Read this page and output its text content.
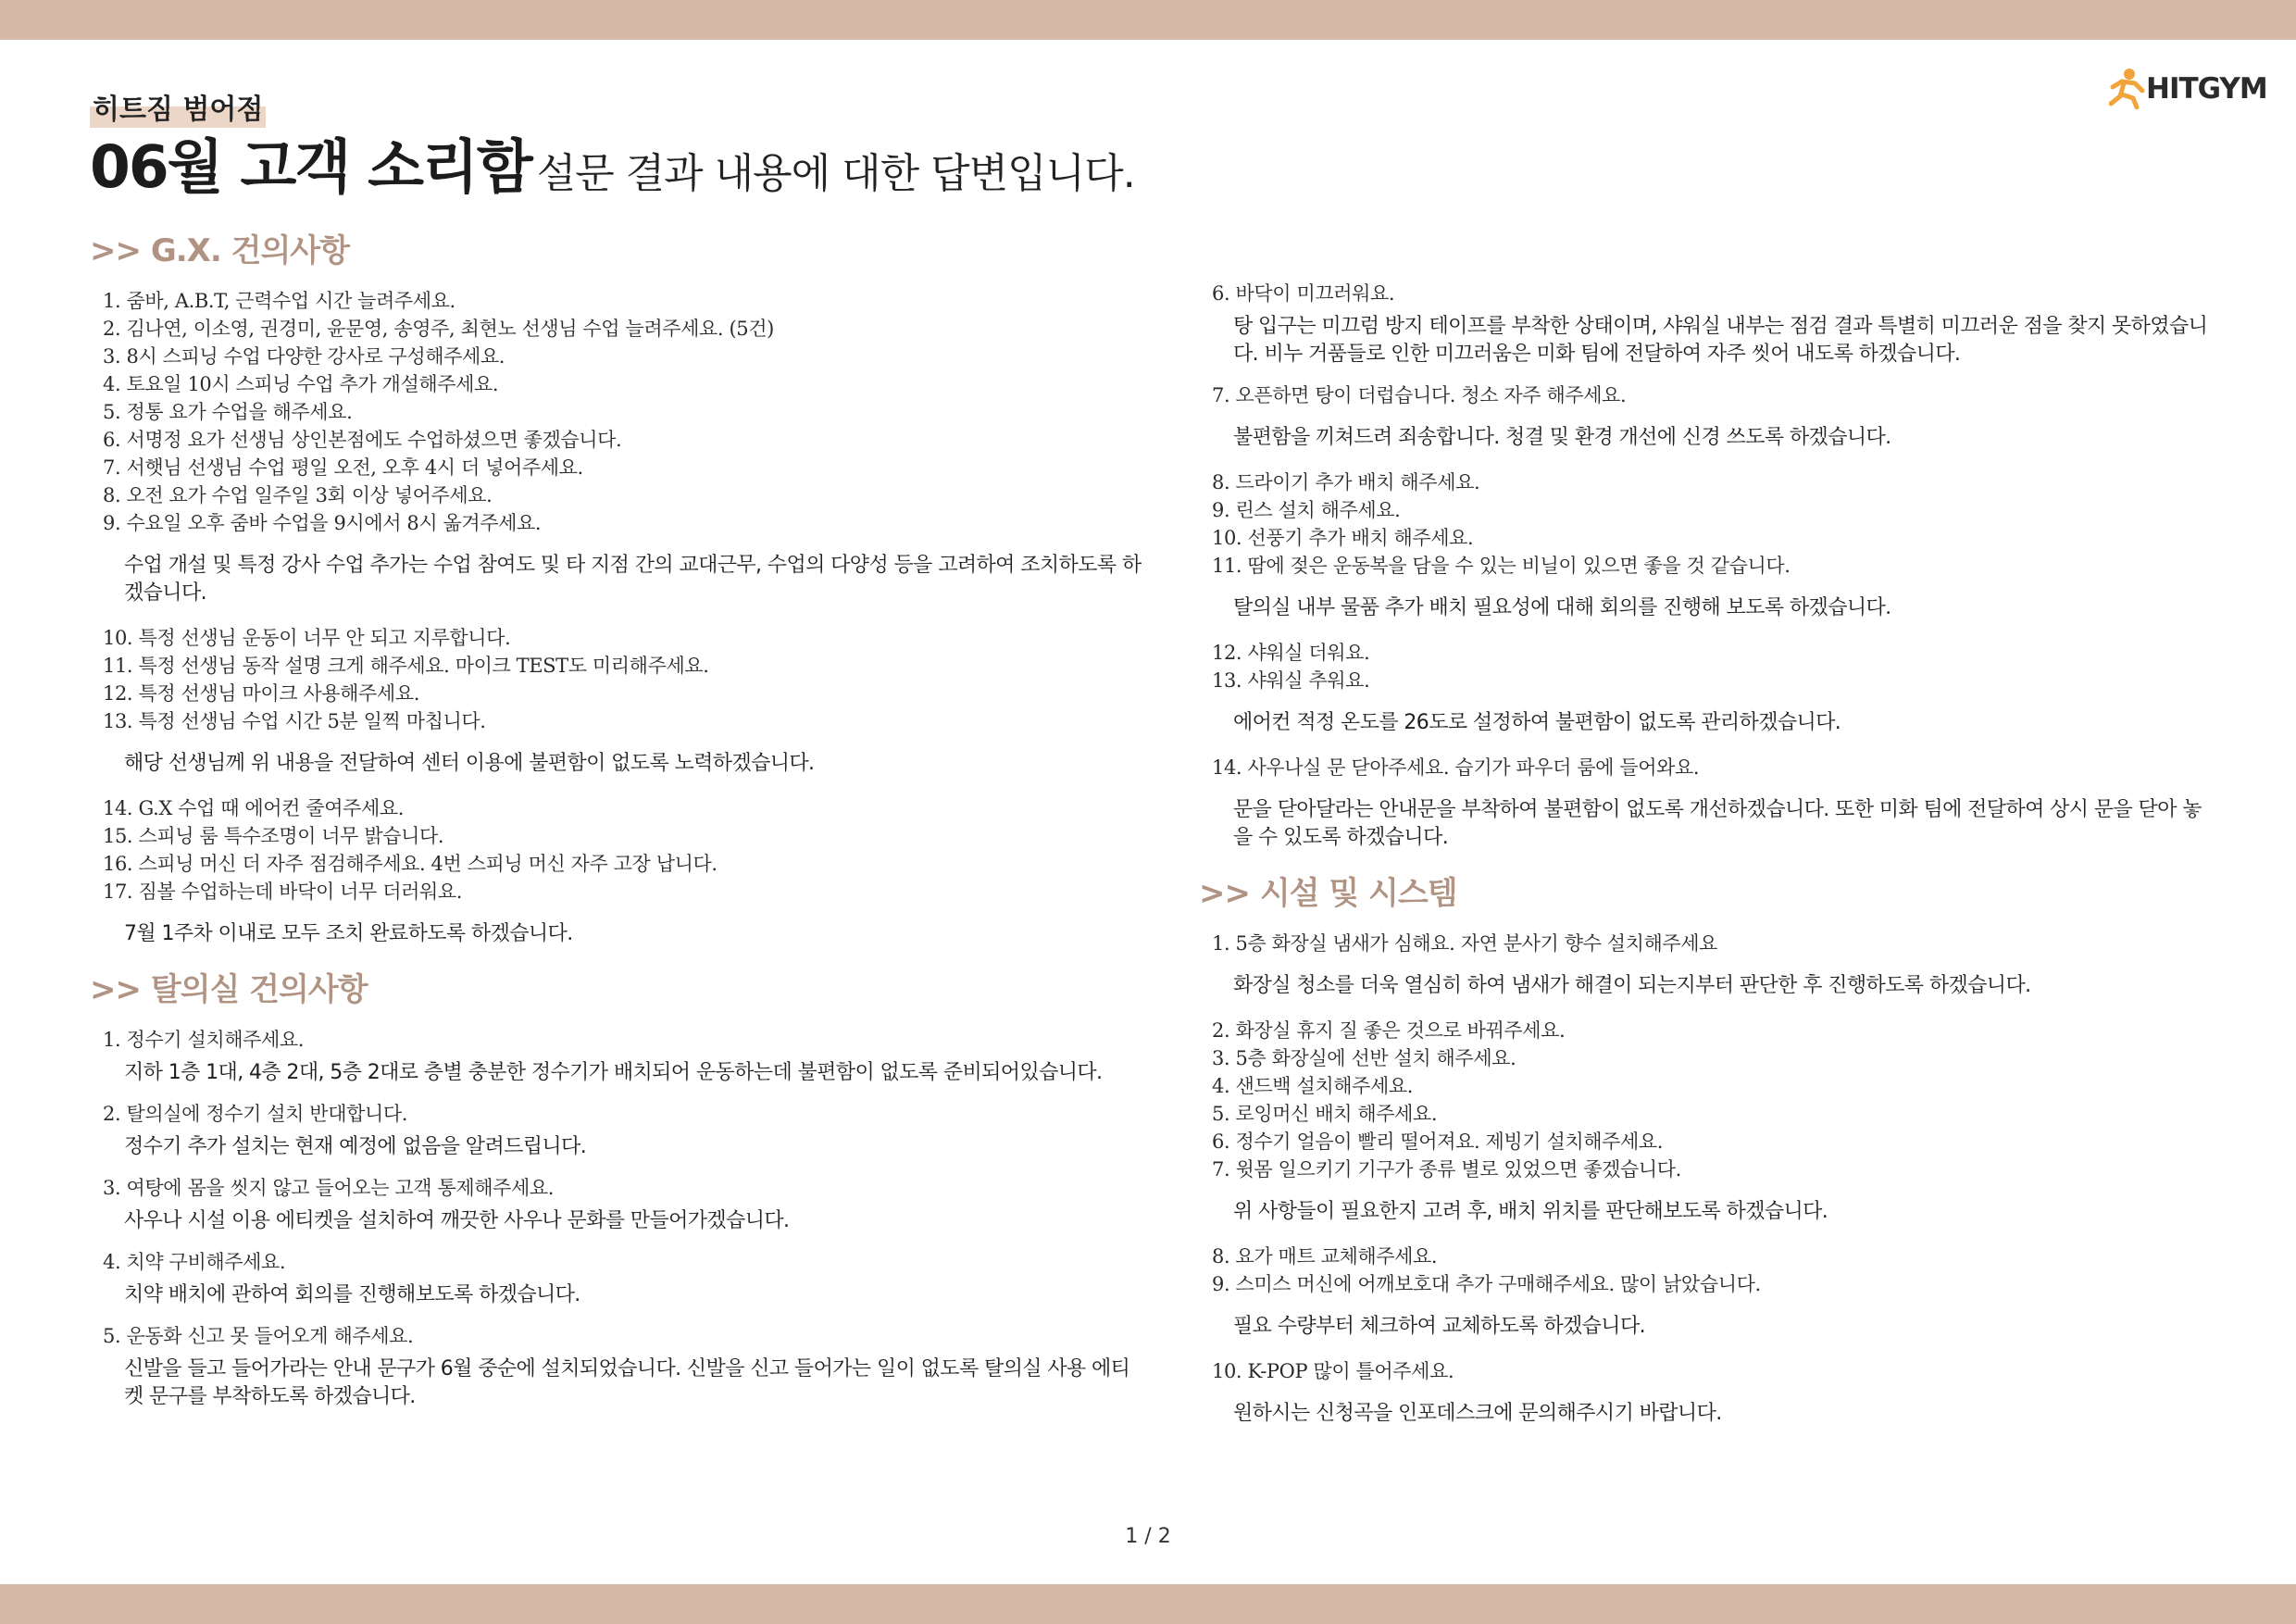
히트짐 범어점
06월 고객 소리함 설문 결과 내용에 대한 답변입니다.
HITGYM
>> G.X. 건의사항
1. 줌바, A.B.T, 근력수업 시간 늘려주세요.
2. 김나연, 이소영, 권경미, 윤문영, 송영주, 최현노 선생님 수업 늘려주세요. (5건)
3. 8시 스피닝 수업 다양한 강사로 구성해주세요.
4. 토요일 10시 스피닝 수업 추가 개설해주세요.
5. 정통 요가 수업을 해주세요.
6. 서명정 요가 선생님 상인본점에도 수업하셨으면 좋겠습니다.
7. 서햇님 선생님 수업 평일 오전, 오후 4시 더 넣어주세요.
8. 오전 요가 수업 일주일 3회 이상 넣어주세요.
9. 수요일 오후 줌바 수업을 9시에서 8시 옮겨주세요.
수업 개설 및 특정 강사 수업 추가는 수업 참여도 및 타 지점 간의 교대근무, 수업의 다양성 등을 고려하여 조치하도록 하겠습니다.
10. 특정 선생님 운동이 너무 안 되고 지루합니다.
11. 특정 선생님 동작 설명 크게 해주세요. 마이크 TEST도 미리해주세요.
12. 특정 선생님 마이크 사용해주세요.
13. 특정 선생님 수업 시간 5분 일찍 마칩니다.
해당 선생님께 위 내용을 전달하여 센터 이용에 불편함이 없도록 노력하겠습니다.
14. G.X 수업 때 에어컨 줄여주세요.
15. 스피닝 룸 특수조명이 너무 밝습니다.
16. 스피닝 머신 더 자주 점검해주세요. 4번 스피닝 머신 자주 고장 납니다.
17. 짐볼 수업하는데 바닥이 너무 더러워요.
7월 1주차 이내로 모두 조치 완료하도록 하겠습니다.
>> 탈의실 건의사항
1. 정수기 설치해주세요.
지하 1층 1대, 4층 2대, 5층 2대로 층별 충분한 정수기가 배치되어 운동하는데 불편함이 없도록 준비되어있습니다.
2. 탈의실에 정수기 설치 반대합니다.
정수기 추가 설치는 현재 예정에 없음을 알려드립니다.
3. 여탕에 몸을 씻지 않고 들어오는 고객 통제해주세요.
사우나 시설 이용 에티켓을 설치하여 깨끗한 사우나 문화를 만들어가겠습니다.
4. 치약 구비해주세요.
치약 배치에 관하여 회의를 진행해보도록 하겠습니다.
5. 운동화 신고 못 들어오게 해주세요.
신발을 들고 들어가라는 안내 문구가 6월 중순에 설치되었습니다. 신발을 신고 들어가는 일이 없도록 탈의실 사용 에티켓 문구를 부착하도록 하겠습니다.
6. 바닥이 미끄러워요.
탕 입구는 미끄럼 방지 테이프를 부착한 상태이며, 샤워실 내부는 점검 결과 특별히 미끄러운 점을 찾지 못하였습니다. 비누 거품들로 인한 미끄러움은 미화 팀에 전달하여 자주 씻어 내도록 하겠습니다.
7. 오픈하면 탕이 더럽습니다. 청소 자주 해주세요.
불편함을 끼쳐드려 죄송합니다. 청결 및 환경 개선에 신경 쓰도록 하겠습니다.
8. 드라이기 추가 배치 해주세요.
9. 린스 설치 해주세요.
10. 선풍기 추가 배치 해주세요.
11. 땀에 젖은 운동복을 담을 수 있는 비닐이 있으면 좋을 것 같습니다.
탈의실 내부 물품 추가 배치 필요성에 대해 회의를 진행해 보도록 하겠습니다.
12. 샤워실 더워요.
13. 샤워실 추워요.
에어컨 적정 온도를 26도로 설정하여 불편함이 없도록 관리하겠습니다.
14. 사우나실 문 닫아주세요. 습기가 파우더 룸에 들어와요.
문을 닫아달라는 안내문을 부착하여 불편함이 없도록 개선하겠습니다. 또한 미화 팀에 전달하여 상시 문을 닫아 놓을 수 있도록 하겠습니다.
>> 시설 및 시스템
1. 5층 화장실 냄새가 심해요. 자연 분사기 향수 설치해주세요
화장실 청소를 더욱 열심히 하여 냄새가 해결이 되는지부터 판단한 후 진행하도록 하겠습니다.
2. 화장실 휴지 질 좋은 것으로 바꿔주세요.
3. 5층 화장실에 선반 설치 해주세요.
4. 샌드백 설치해주세요.
5. 로잉머신 배치 해주세요.
6. 정수기 얼음이 빨리 떨어져요. 제빙기 설치해주세요.
7. 윗몸 일으키기 기구가 종류 별로 있었으면 좋겠습니다.
위 사항들이 필요한지 고려 후, 배치 위치를 판단해보도록 하겠습니다.
8. 요가 매트 교체해주세요.
9. 스미스 머신에 어깨보호대 추가 구매해주세요. 많이 낡았습니다.
필요 수량부터 체크하여 교체하도록 하겠습니다.
10. K-POP 많이 틀어주세요.
원하시는 신청곡을 인포데스크에 문의해주시기 바랍니다.
1 / 2
